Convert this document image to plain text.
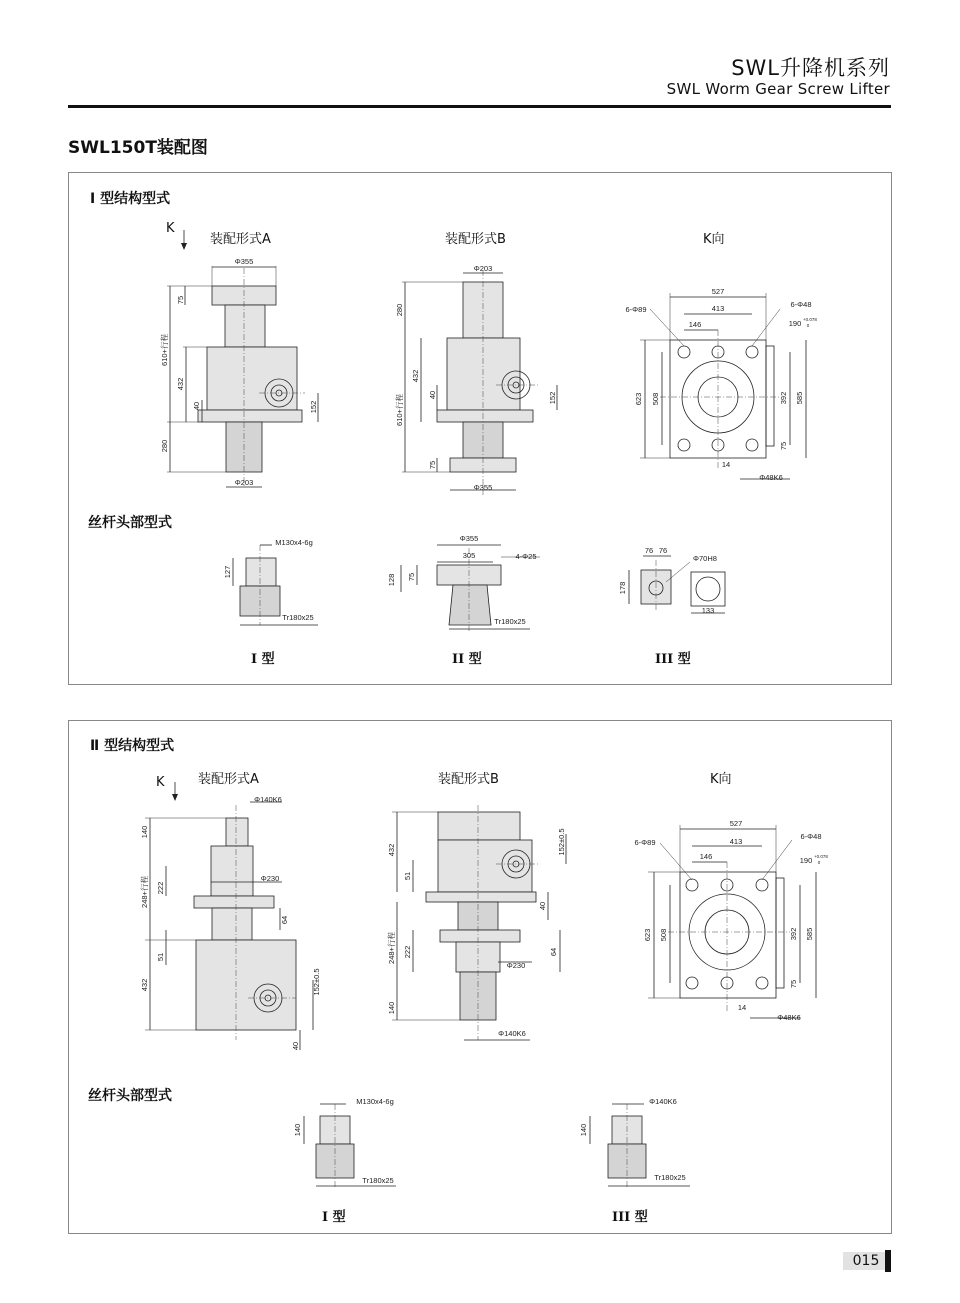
SWL升降机系列
SWL Worm Gear Screw Lifter
SWL150T装配图
Ⅰ 型结构型式
K
装配形式A	装配形式B	K向
丝杆头部型式
I 型	II 型	III 型
Ⅱ 型结构型式
K	装配形式A	装配形式B	K向
丝杆头部型式
I 型	III 型
Φ355
75
610+行程
432
40
280
152
Φ203
Φ203
280
610+行程
432
40
75
152
Φ355
527
413
146
6-Φ89
6-Φ48
190 +0.078
0
623 508	392 585
75
14
Φ48K6
M130x4-6g
127
Tr180x25
Φ355
305	4-Φ25
128 75
Tr180x25
76 76
Φ70H8
178
133
Φ140K6
140
248+行程 222
Φ230
64
51
432	152±0.5
40
432
51
152±0.5
40
248+行程 222
Φ230
64
140
Φ140K6
527
413
146
6-Φ89
6-Φ48
190 +0.078
0
623 508	392 585
75
14
Φ48K6
M130x4-6g
140
Tr180x25
Φ140K6
140
Tr180x25
015
